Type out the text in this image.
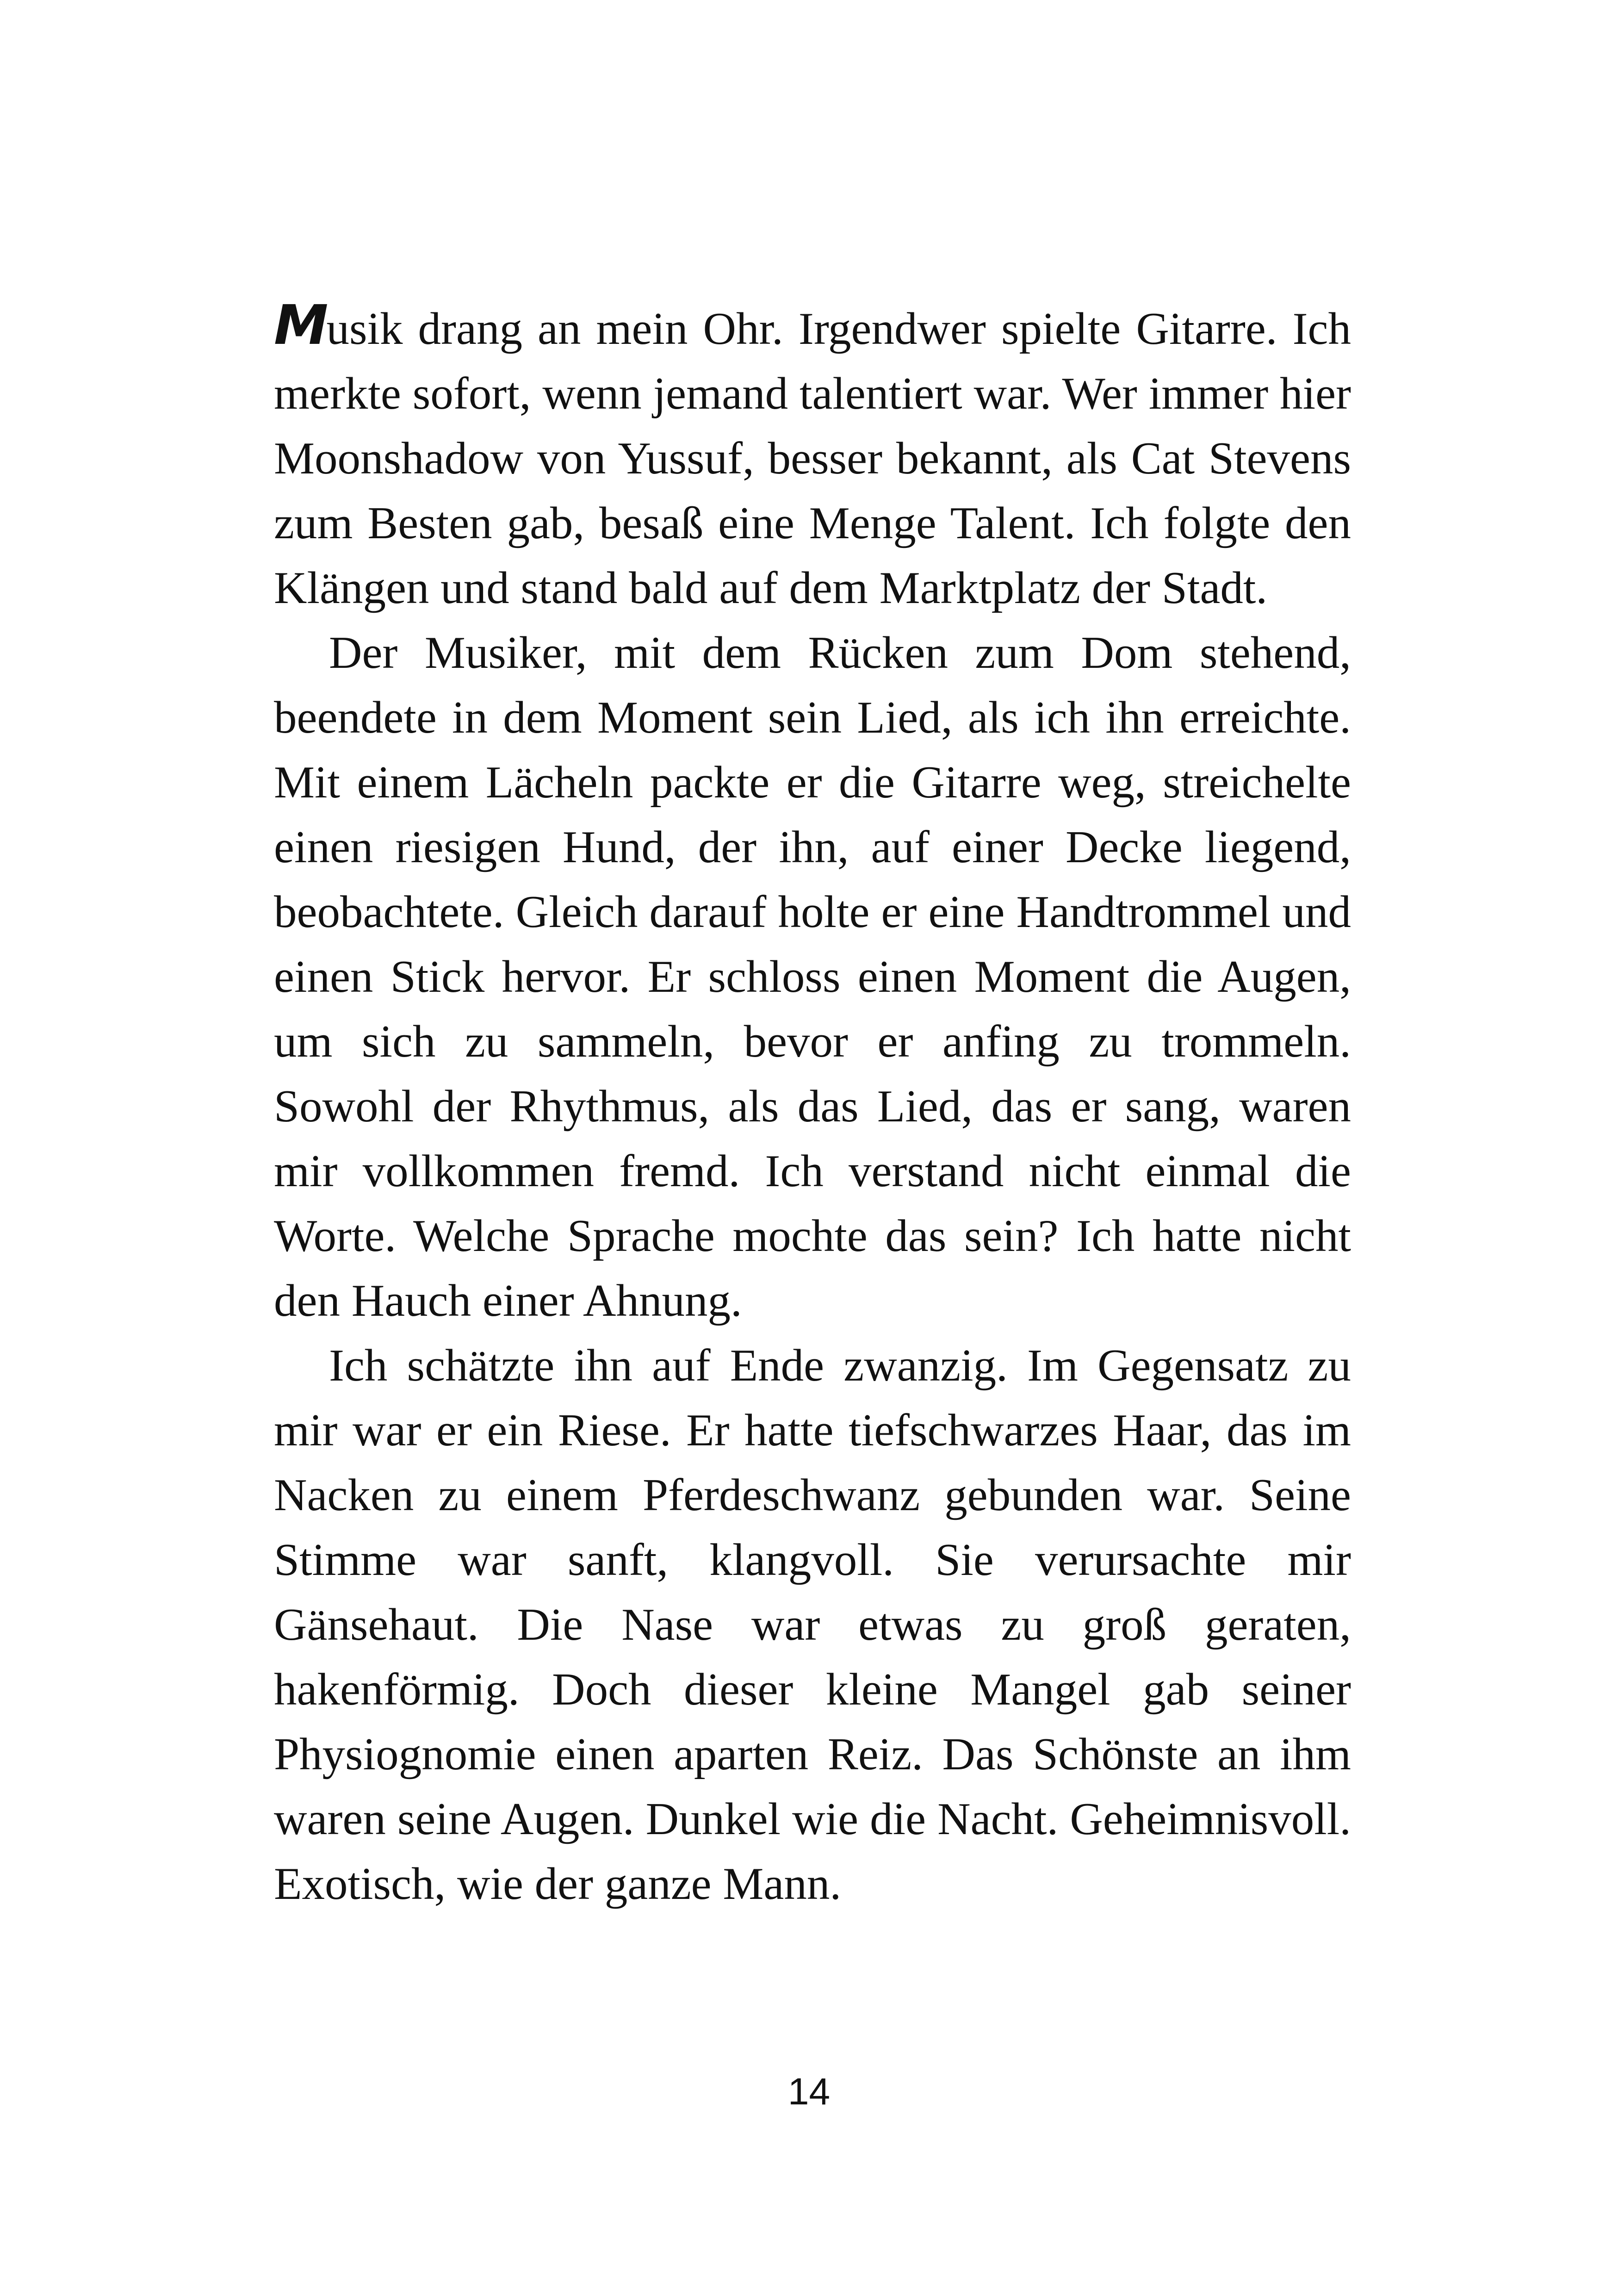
Musik drang an mein Ohr. Irgendwer spielte Gitarre. Ich merkte sofort, wenn jemand talentiert war. Wer immer hier Moonshadow von Yussuf, besser bekannt, als Cat Stevens zum Besten gab, besaß eine Menge Talent. Ich folgte den Klängen und stand bald auf dem Marktplatz der Stadt.

Der Musiker, mit dem Rücken zum Dom stehend, beendete in dem Moment sein Lied, als ich ihn erreichte. Mit einem Lächeln packte er die Gitarre weg, streichelte einen riesigen Hund, der ihn, auf einer Decke liegend, beobachtete. Gleich darauf holte er eine Handtrommel und einen Stick hervor. Er schloss einen Moment die Augen, um sich zu sammeln, bevor er anfing zu trommeln. Sowohl der Rhythmus, als das Lied, das er sang, waren mir vollkommen fremd. Ich verstand nicht einmal die Worte. Welche Sprache mochte das sein? Ich hatte nicht den Hauch einer Ahnung.

Ich schätzte ihn auf Ende zwanzig. Im Gegensatz zu mir war er ein Riese. Er hatte tiefschwarzes Haar, das im Nacken zu einem Pferdeschwanz gebunden war. Seine Stimme war sanft, klangvoll. Sie verursachte mir Gänsehaut. Die Nase war etwas zu groß geraten, hakenförmig. Doch dieser kleine Mangel gab seiner Physiognomie einen aparten Reiz. Das Schönste an ihm waren seine Augen. Dunkel wie die Nacht. Geheimnisvoll. Exotisch, wie der ganze Mann.

14
